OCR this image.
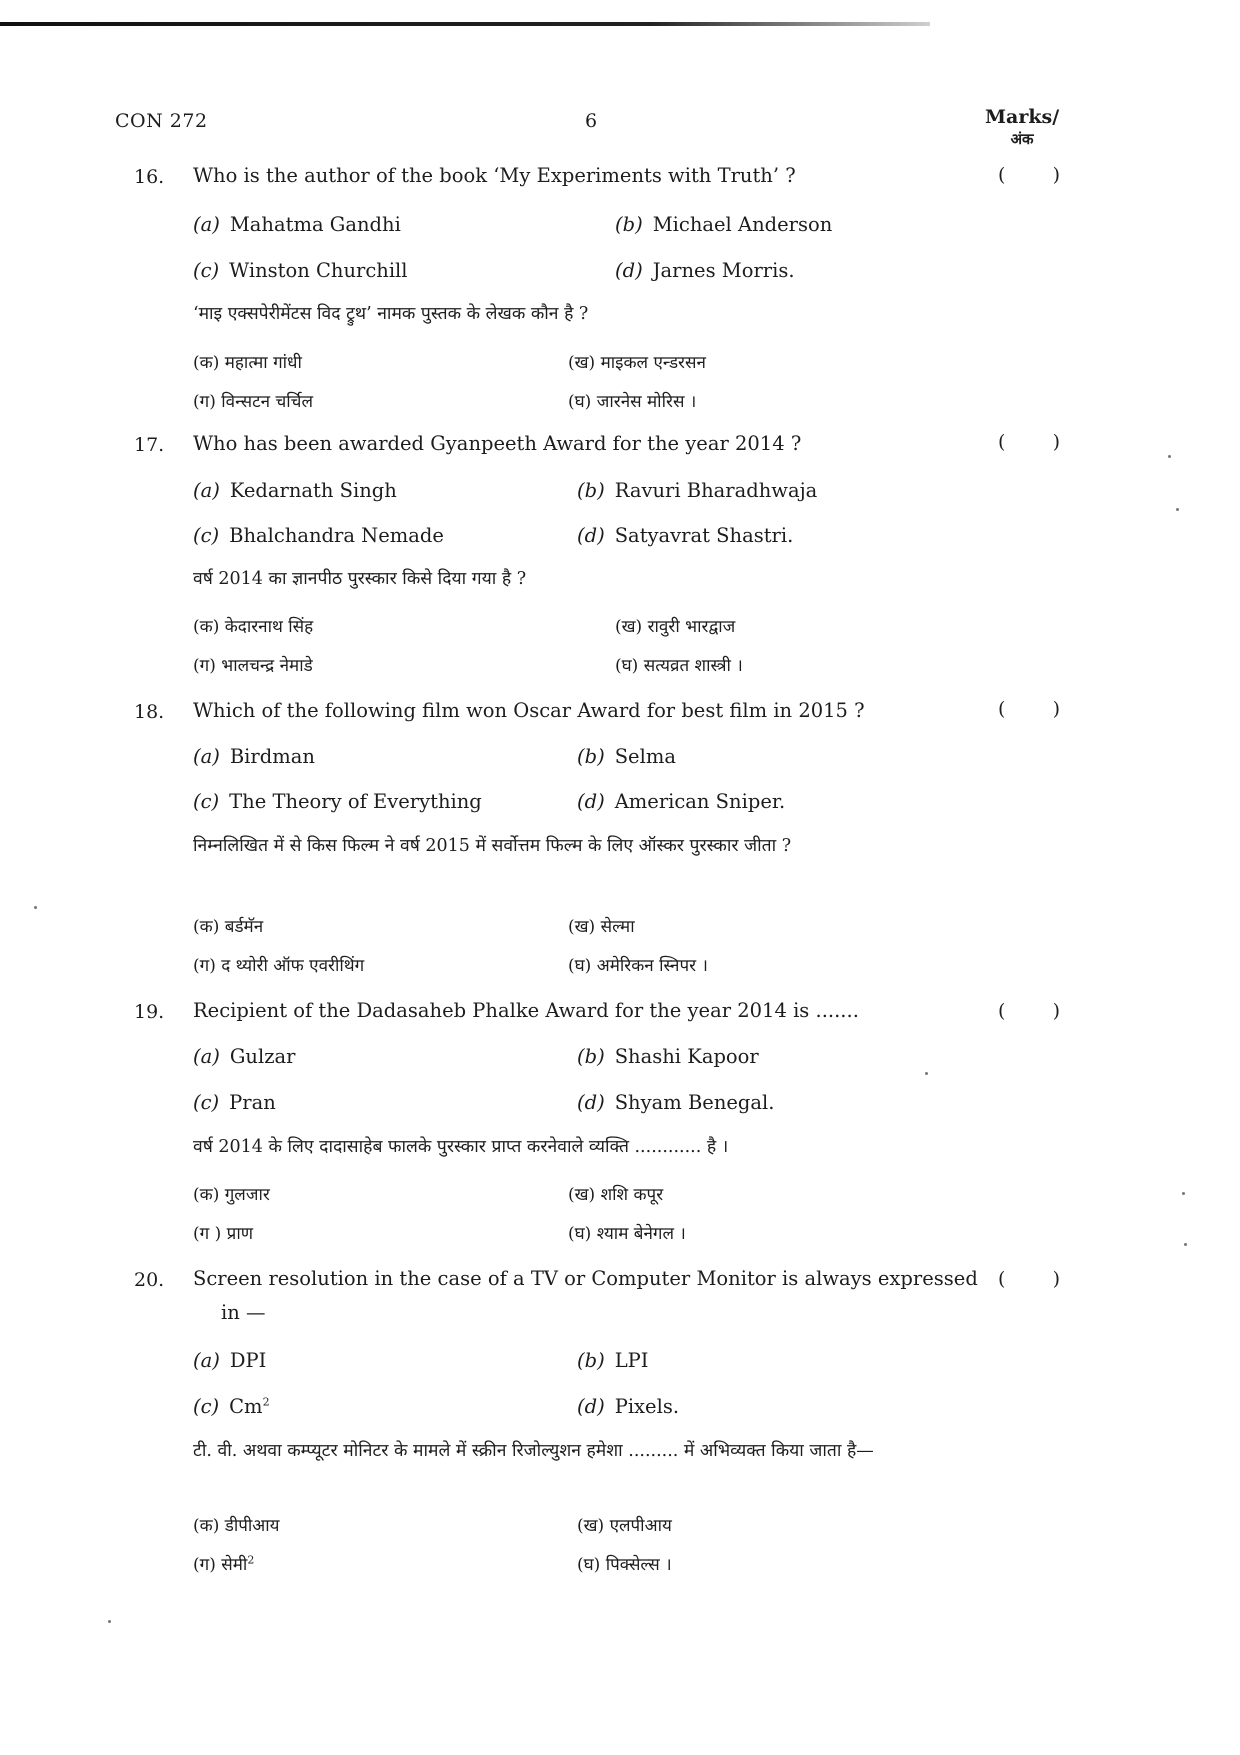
CON 272	6	Marks/
अंक
16. Who is the author of the book ‘My Experiments with Truth’ ?	( )
(a) Mahatma Gandhi	(b) Michael Anderson
(c) Winston Churchill	(d) Jarnes Morris.
‘माइ एक्सपेरीमेंटस विद ट्रुथ’ नामक पुस्तक के लेखक कौन है ?
(क) महात्मा गांधी	(ख) माइकल एन्डरसन
(ग) विन्सटन चर्चिल	(घ) जारनेस मोरिस ।
17. Who has been awarded Gyanpeeth Award for the year 2014 ?	( )
(a) Kedarnath Singh	(b) Ravuri Bharadhwaja
(c) Bhalchandra Nemade	(d) Satyavrat Shastri.
वर्ष 2014 का ज्ञानपीठ पुरस्कार किसे दिया गया है ?
(क) केदारनाथ सिंह	(ख) रावुरी भारद्वाज
(ग) भालचन्द्र नेमाडे	(घ) सत्यव्रत शास्त्री ।
18. Which of the following film won Oscar Award for best film in 2015 ?	( )
(a) Birdman	(b) Selma
(c) The Theory of Everything	(d) American Sniper.
निम्नलिखित में से किस फिल्म ने वर्ष 2015 में सर्वोत्तम फिल्म के लिए ऑस्कर पुरस्कार जीता ?
(क) बर्डमॅन	(ख) सेल्मा
(ग) द थ्योरी ऑफ एवरीथिंग	(घ) अमेरिकन स्निपर ।
19. Recipient of the Dadasaheb Phalke Award for the year 2014 is .......	( )
(a) Gulzar	(b) Shashi Kapoor
(c) Pran	(d) Shyam Benegal.
वर्ष 2014 के लिए दादासाहेब फालके पुरस्कार प्राप्त करनेवाले व्यक्ति ............ है ।
(क) गुलजार	(ख) शशि कपूर
(ग ) प्राण	(घ) श्याम बेनेगल ।
20. Screen resolution in the case of a TV or Computer Monitor is always expressed in —
( )
(a) DPI	(b) LPI
(c) Cm$^2$	(d) Pixels.
टी. वी. अथवा कम्प्यूटर मोनिटर के मामले में स्क्रीन रिजोल्युशन हमेशा ......... में अभिव्यक्त किया जाता है—
(क) डीपीआय	(ख) एलपीआय
(ग) सेमी$^2$	(घ) पिक्सेल्स ।
